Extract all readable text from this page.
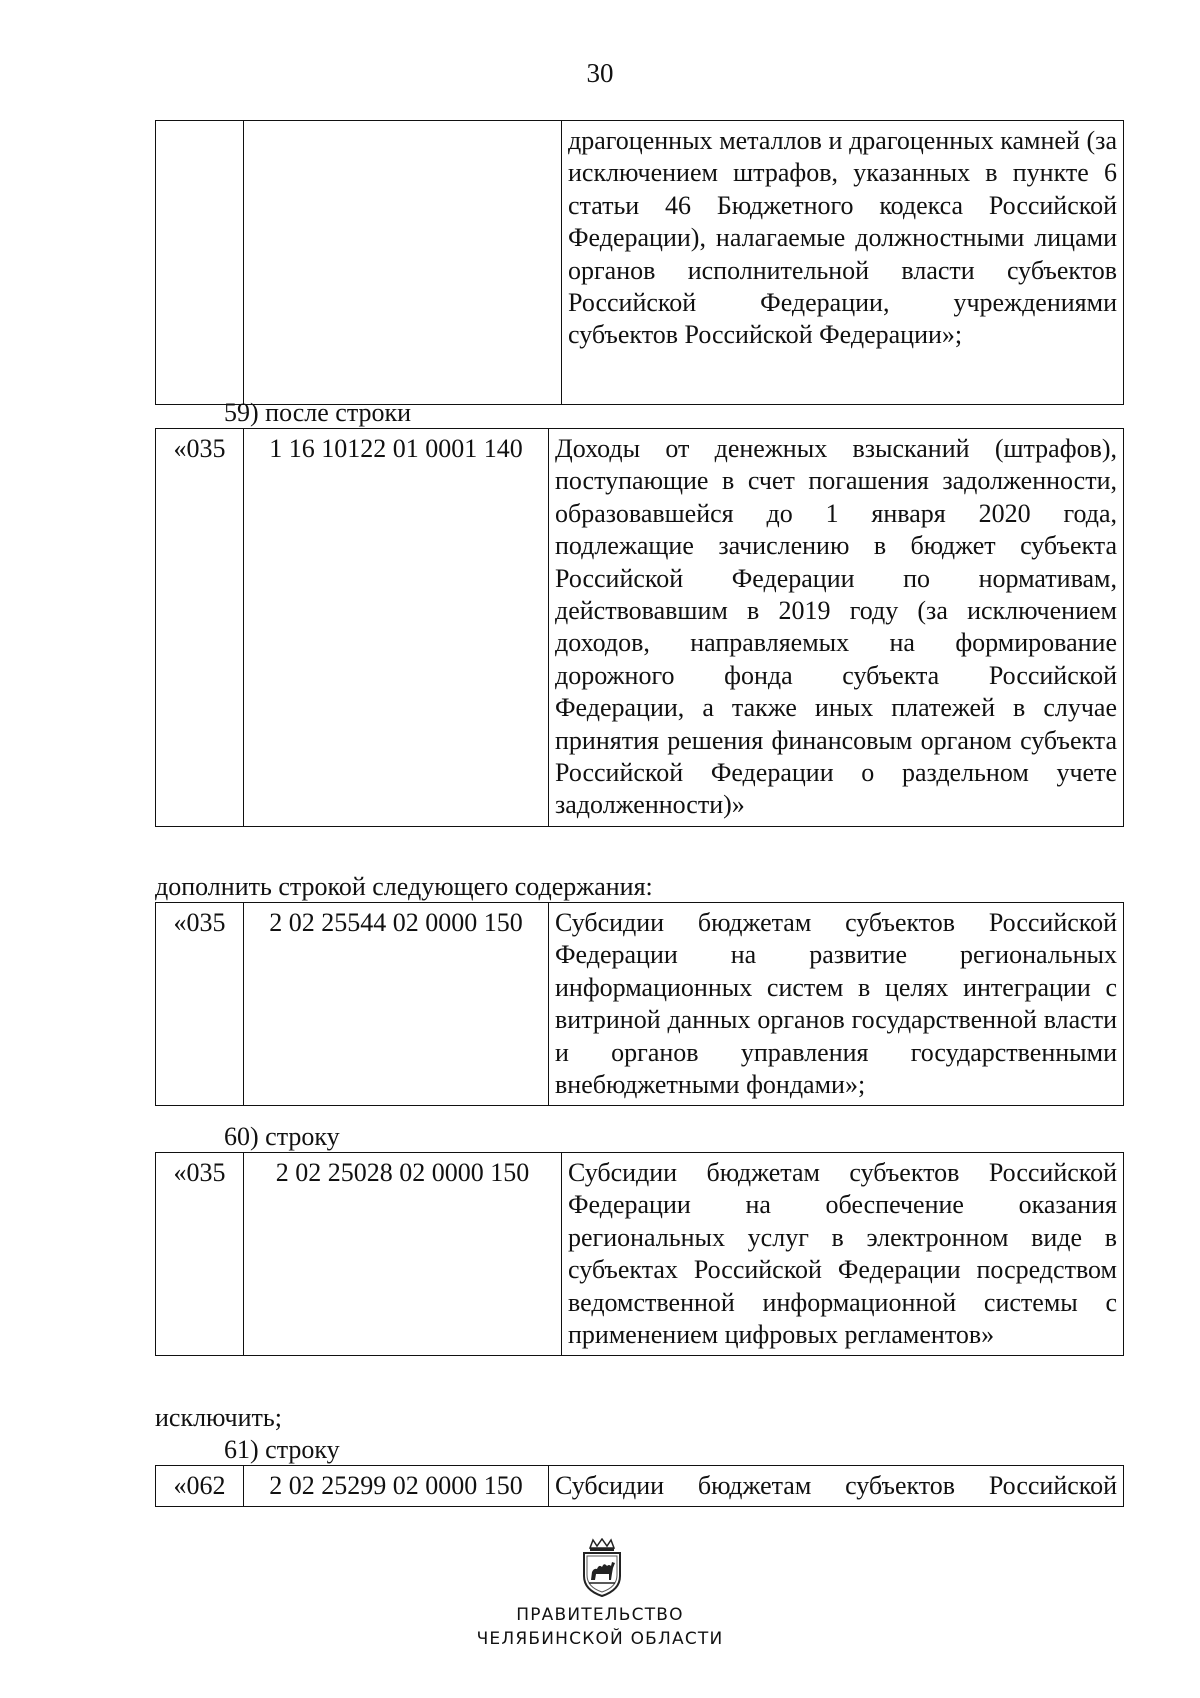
30
		драгоценных металлов и драгоценных камней (за исключением штрафов, указанных в пункте 6 статьи 46 Бюджетного кодекса Российской Федерации), налагаемые должностными лицами органов исполнительной власти субъектов Российской Федерации, учреждениями субъектов Российской Федерации»;
59) после строки
«035	1 16 10122 01 0001 140	Доходы от денежных взысканий (штрафов), поступающие в счет погашения задолженности, образовавшейся до 1 января 2020 года, подлежащие зачислению в бюджет субъекта Российской Федерации по нормативам, действовавшим в 2019 году (за исключением доходов, направляемых на формирование дорожного фонда субъекта Российской Федерации, а также иных платежей в случае принятия решения финансовым органом субъекта Российской Федерации о раздельном учете задолженности)»
дополнить строкой следующего содержания:
«035	2 02 25544 02 0000 150	Субсидии бюджетам субъектов Российской Федерации на развитие региональных информационных систем в целях интеграции с витриной данных органов государственной власти и органов управления государственными внебюджетными фондами»;
60) строку
«035	2 02 25028 02 0000 150	Субсидии бюджетам субъектов Российской Федерации на обеспечение оказания региональных услуг в электронном виде в субъектах Российской Федерации посредством ведомственной информационной системы с применением цифровых регламентов»
исключить;
61) строку
«062	2 02 25299 02 0000 150	Субсидии бюджетам субъектов Российской
ПРАВИТЕЛЬСТВО
ЧЕЛЯБИНСКОЙ ОБЛАСТИ
